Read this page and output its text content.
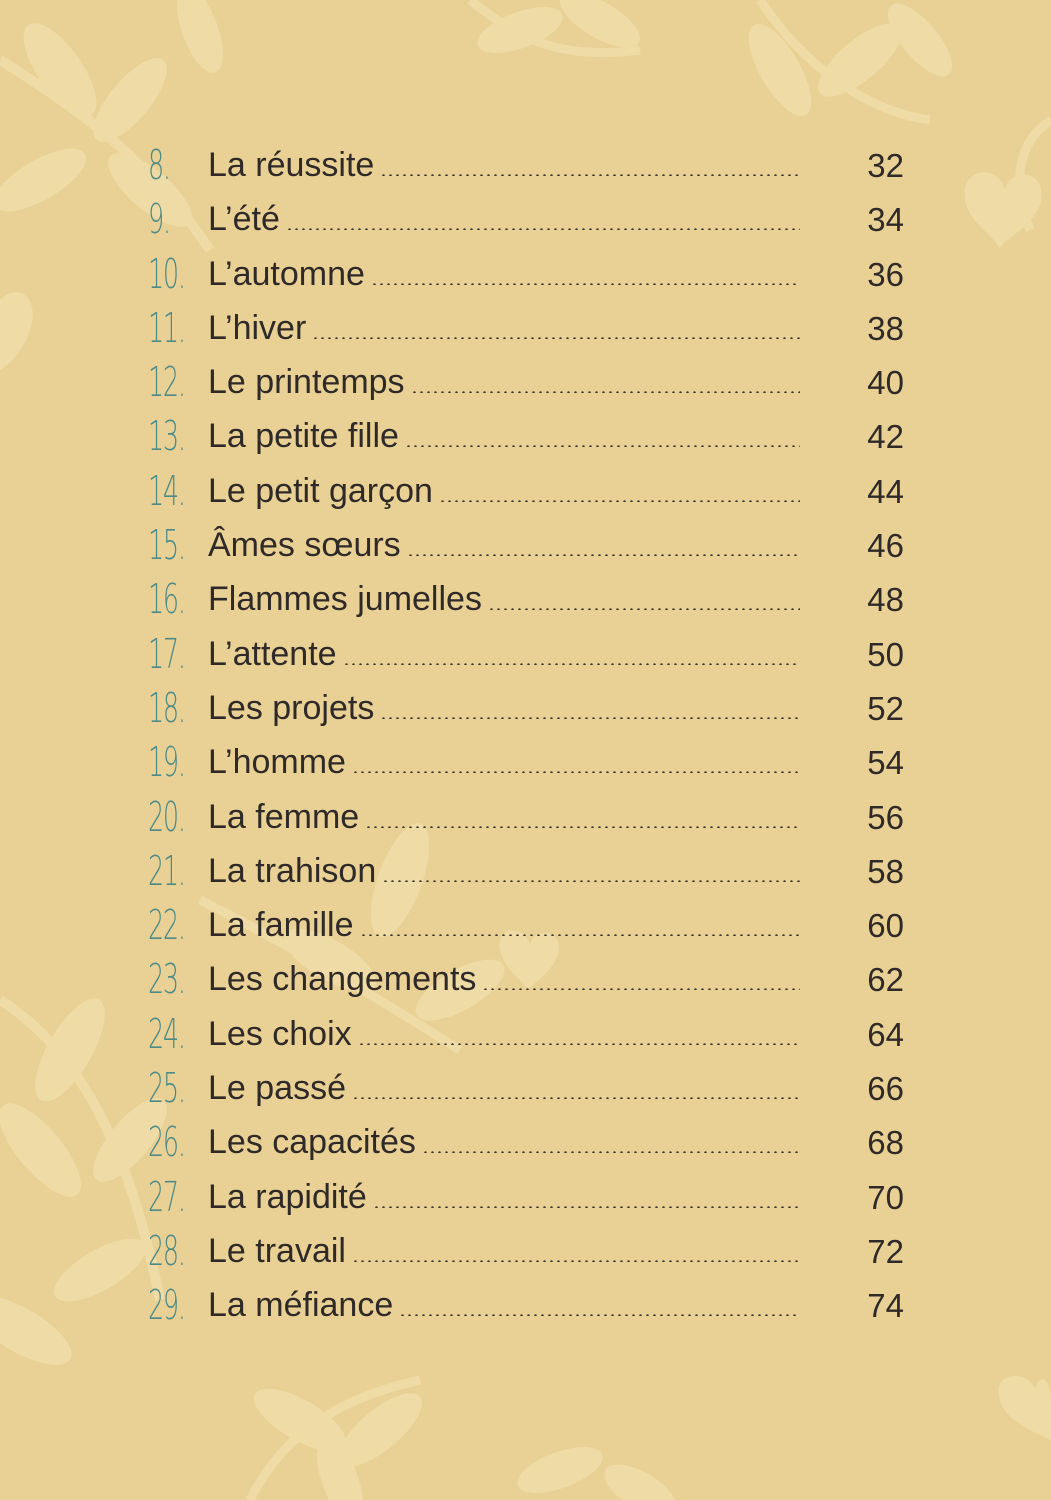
8.	La réussite	32
9.	L’été	34
10. L’automne	36
11. L’hiver	38
12. Le printemps	40
13. La petite fille	42
14. Le petit garçon	44
15. Âmes sœurs	46
16. Flammes jumelles	48
17. L’attente	50
18. Les projets	52
19. L’homme	54
20. La femme	56
21. La trahison	58
22. La famille	60
23. Les changements	62
24. Les choix	64
25. Le passé	66
26. Les capacités	68
27. La rapidité	70
28. Le travail	72
29. La méfiance	74
